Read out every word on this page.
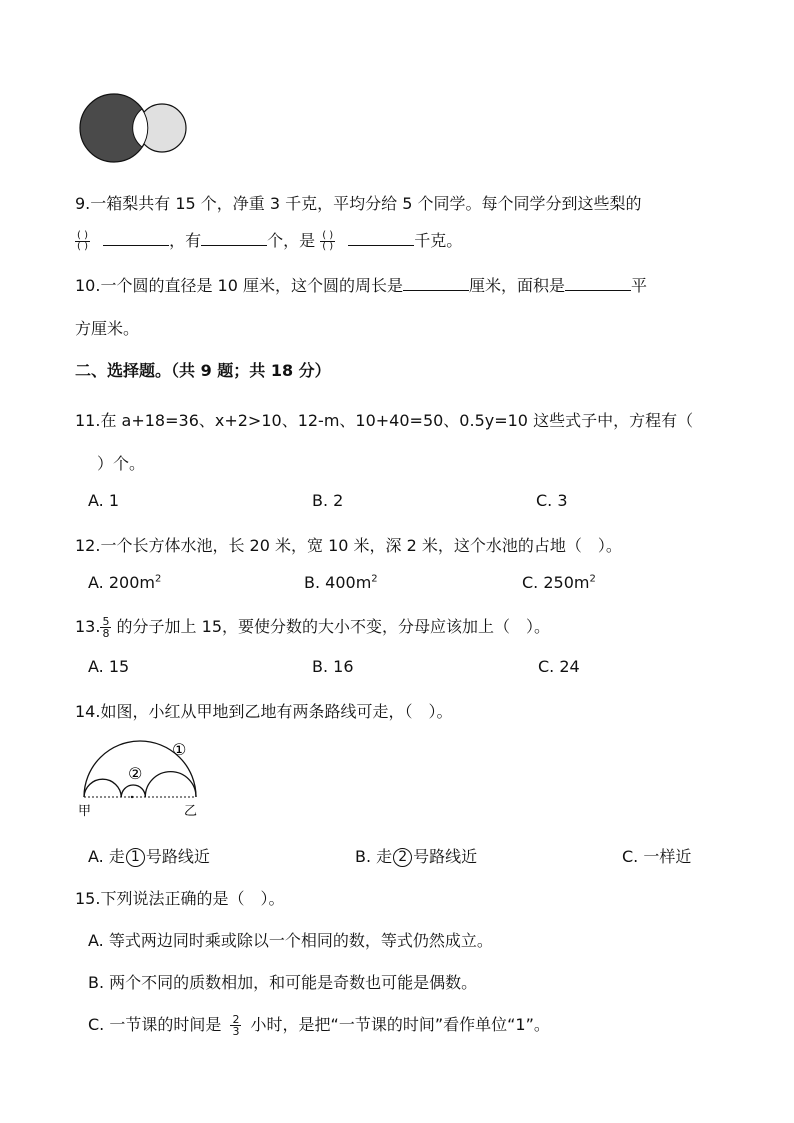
9.一箱梨共有 15 个，净重 3 千克，平均分给 5 个同学。每个同学分到这些梨的
$\frac{( )}{( )}$	，有	个，是 $\frac{( )}{( )}$	千克。
10.一个圆的直径是 10 厘米，这个圆的周长是	厘米，面积是	平
方厘米。
二、选择题。（共 9 题；共 18 分）
11.在 a+18=36、x+2>10、12-m、10+40=50、0.5y=10 这些式子中，方程有（
）个。
A. 1	B. 2	C. 3
12.一个长方体水池，长 20 米，宽 10 米，深 2 米，这个水池的占地（　）。
A. $200m^2$	B. $400m^2$	C. $250m^2$
13. $\frac{5}{8}$ 的分子加上 15，要使分数的大小不变，分母应该加上（　）。
A. 15	B. 16	C. 24
14.如图，小红从甲地到乙地有两条路线可走，（　）。
①
②
甲	乙
A. 走 1 号路线近	B. 走 2 号路线近	C. 一样近
15.下列说法正确的是（　）。
A. 等式两边同时乘或除以一个相同的数，等式仍然成立。
B. 两个不同的质数相加，和可能是奇数也可能是偶数。
C. 一节课的时间是 $\frac{2}{3}$ 小时，是把“一节课的时间”看作单位“1”。
